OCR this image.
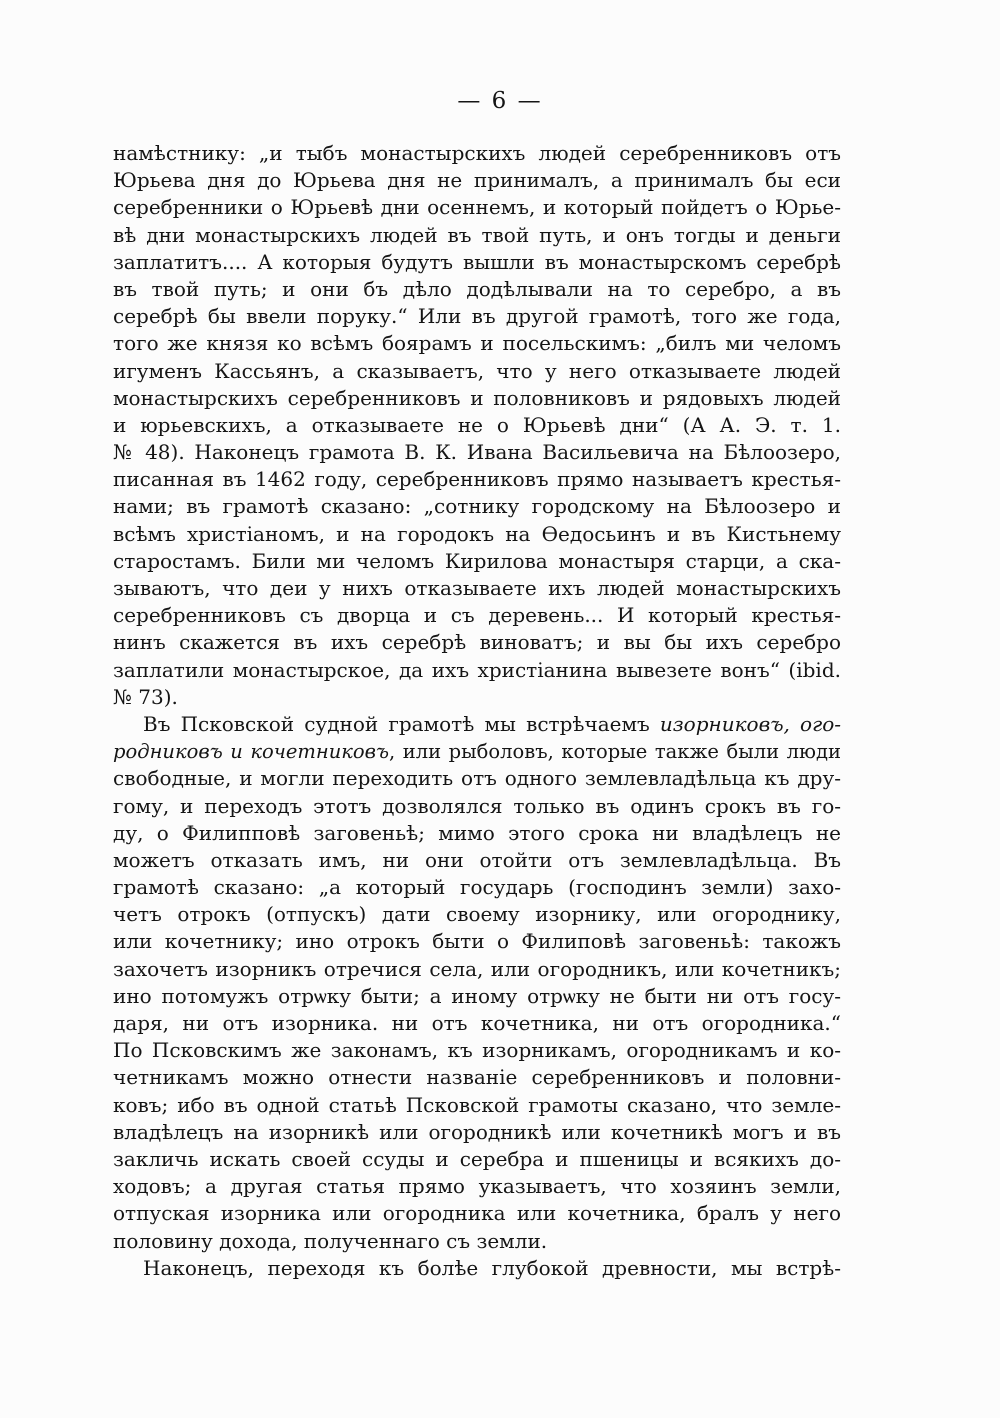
— 6 —
намѣстнику: „и тыбъ монастырскихъ людей серебренниковъ отъ
Юрьева дня до Юрьева дня не принималъ, а принималъ бы еси
серебренники о Юрьевѣ дни осеннемъ, и который пойдетъ о Юрье-
вѣ дни монастырскихъ людей въ твой путь, и онъ тогды и деньги
заплатитъ.... А которыя будутъ вышли въ монастырскомъ серебрѣ
въ твой путь; и они бъ дѣло додѣлывали на то серебро, а въ
серебрѣ бы ввели поруку.“ Или въ другой грамотѣ, того же года,
того же князя ко всѣмъ боярамъ и посельскимъ: „билъ ми челомъ
игуменъ Кассьянъ, а сказываетъ, что у него отказываете людей
монастырскихъ серебренниковъ и половниковъ и рядовыхъ людей
и юрьевскихъ, а отказываете не о Юрьевѣ дни“ (А А. Э. т. 1.
№ 48). Наконецъ грамота В. К. Ивана Васильевича на Бѣлоозеро,
писанная въ 1462 году, серебренниковъ прямо называетъ крестья-
нами; въ грамотѣ сказано: „сотнику городскому на Бѣлоозеро и
всѣмъ христіаномъ, и на городокъ на Ѳедосьинъ и въ Кистьнему
старостамъ. Били ми челомъ Кирилова монастыря старци, а ска-
зываютъ, что деи у нихъ отказываете ихъ людей монастырскихъ
серебренниковъ съ дворца и съ деревень... И который крестья-
нинъ скажется въ ихъ серебрѣ виноватъ; и вы бы ихъ серебро
заплатили монастырское, да ихъ христіанина вывезете вонъ“ (ibid.
№ 73).
Въ Псковской судной грамотѣ мы встрѣчаемъ изорниковъ, ого-
родниковъ и кочетниковъ, или рыболовъ, которые также были люди
свободные, и могли переходить отъ одного землевладѣльца къ дру-
гому, и переходъ этотъ дозволялся только въ одинъ срокъ въ го-
ду, о Филипповѣ заговеньѣ; мимо этого срока ни владѣлецъ не
можетъ отказать имъ, ни они отойти отъ землевладѣльца. Въ
грамотѣ сказано: „а который государь (господинъ земли) захо-
четъ отрокъ (отпускъ) дати своему изорнику, или огороднику,
или кочетнику; ино отрокъ быти о Филиповѣ заговеньѣ: такожъ
захочетъ изорникъ отречися села, или огородникъ, или кочетникъ;
ино потомужъ отрѡку быти; а иному отрѡку не быти ни отъ госу-
даря, ни отъ изорника. ни отъ кочетника, ни отъ огородника.“
По Псковскимъ же законамъ, къ изорникамъ, огородникамъ и ко-
четникамъ можно отнести названіе серебренниковъ и половни-
ковъ; ибо въ одной статьѣ Псковской грамоты сказано, что земле-
владѣлецъ на изорникѣ или огородникѣ или кочетникѣ могъ и въ
закличь искать своей ссуды и серебра и пшеницы и всякихъ до-
ходовъ; а другая статья прямо указываетъ, что хозяинъ земли,
отпуская изорника или огородника или кочетника, бралъ у него
половину дохода, полученнаго съ земли.
Наконецъ, переходя къ болѣе глубокой древности, мы встрѣ-
